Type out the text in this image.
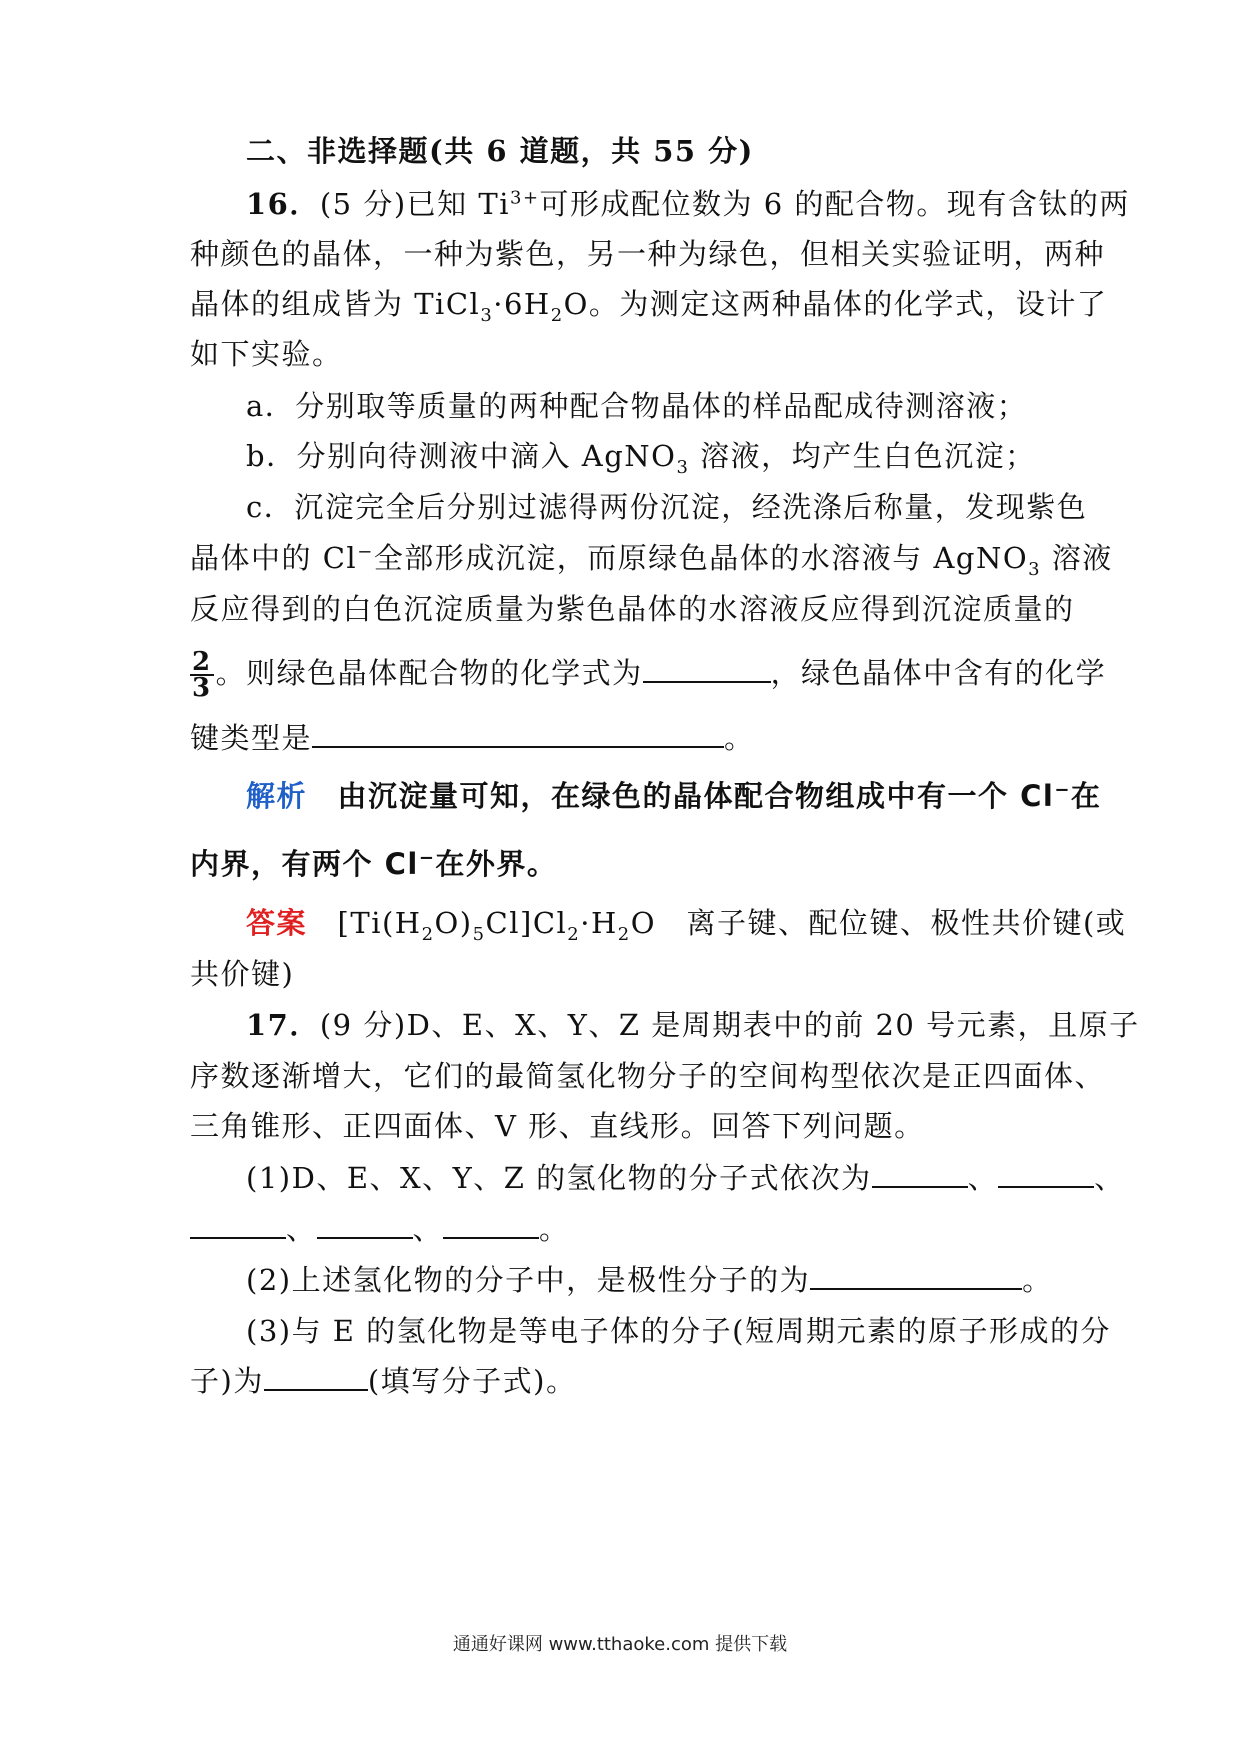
二、非选择题(共 6 道题，共 55 分)
16．(5 分)已知 $Ti^{3+}$可形成配位数为 6 的配合物。现有含钛的两
种颜色的晶体，一种为紫色，另一种为绿色，但相关实验证明，两种
晶体的组成皆为 $TiCl_3\cdot 6H_2O$。为测定这两种晶体的化学式，设计了
如下实验。
a．分别取等质量的两种配合物晶体的样品配成待测溶液；
b．分别向待测液中滴入 AgNO$_3$ 溶液，均产生白色沉淀；
c．沉淀完全后分别过滤得两份沉淀，经洗涤后称量，发现紫色
晶体中的 Cl−全部形成沉淀，而原绿色晶体的水溶液与 AgNO$_3$ 溶液
反应得到的白色沉淀质量为紫色晶体的水溶液反应得到沉淀质量的
$\frac{2}{3}$ 。则绿色晶体配合物的化学式为	，绿色晶体中含有的化学
键类型是	。
解析　 由沉淀量可知，在绿色的晶体配合物组成中有一个 Cl−在
内界，有两个 Cl−在外界。
答案　 $[Ti(H_2O)_5Cl]Cl_2\cdot H_2O$　离子键、配位键、极性共价键(或
共价键)
17．(9 分)D、E、X、Y、Z 是周期表中的前 20 号元素，且原子
序数逐渐增大，它们的最简氢化物分子的空间构型依次是正四面体、
三角锥形、正四面体、V 形、直线形。回答下列问题。
(1)D、E、X、Y、Z 的氢化物的分子式依次为	、	、
、	、	。
(2)上述氢化物的分子中，是极性分子的为	。
(3)与 E 的氢化物是等电子体的分子(短周期元素的原子形成的分
子)为	(填写分子式)。
通通好课网 www.tthaoke.com 提供下载
